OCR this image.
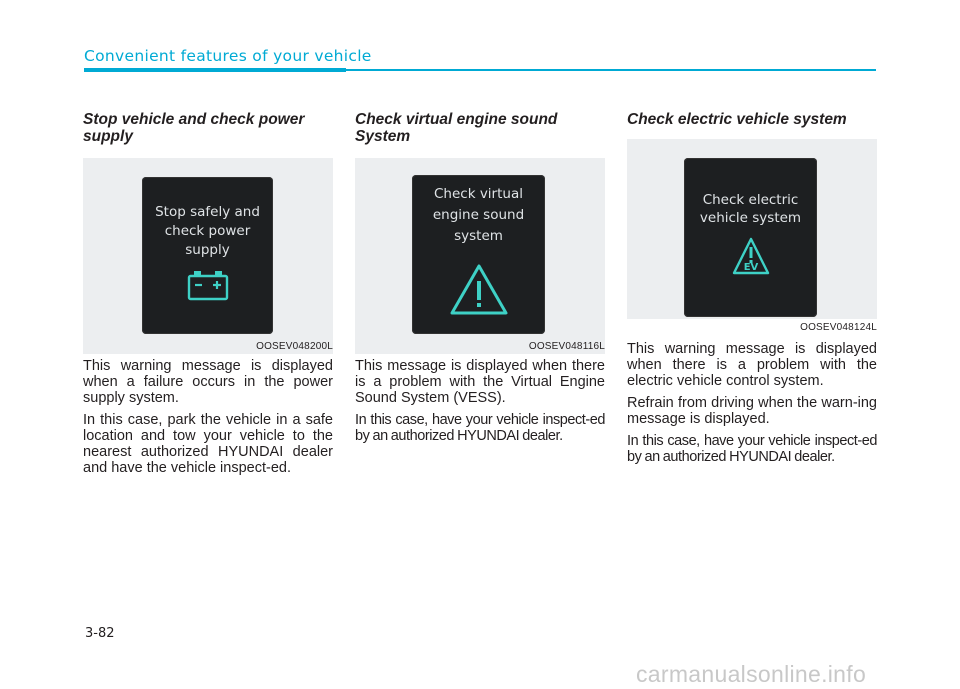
Convenient features of your vehicle
Stop vehicle and check power supply
Stop safely and
check power
supply
OOSEV048200L

This warning message is displayed when a failure occurs in the power supply system.

In this case, park the vehicle in a safe location and tow your vehicle to the nearest authorized HYUNDAI dealer and have the vehicle inspect-ed.

Check virtual engine sound System
Check virtual
engine sound
system
OOSEV048116L

This message is displayed when there is a problem with the Virtual Engine Sound System (VESS).

In this case, have your vehicle inspect-ed by an authorized HYUNDAI dealer.

Check electric vehicle system
Check electric
vehicle system
EV
OOSEV048124L

This warning message is displayed when there is a problem with the electric vehicle control system.

Refrain from driving when the warn-ing message is displayed.

In this case, have your vehicle inspect-ed by an authorized HYUNDAI dealer.

3-82
carmanualsonline.info
